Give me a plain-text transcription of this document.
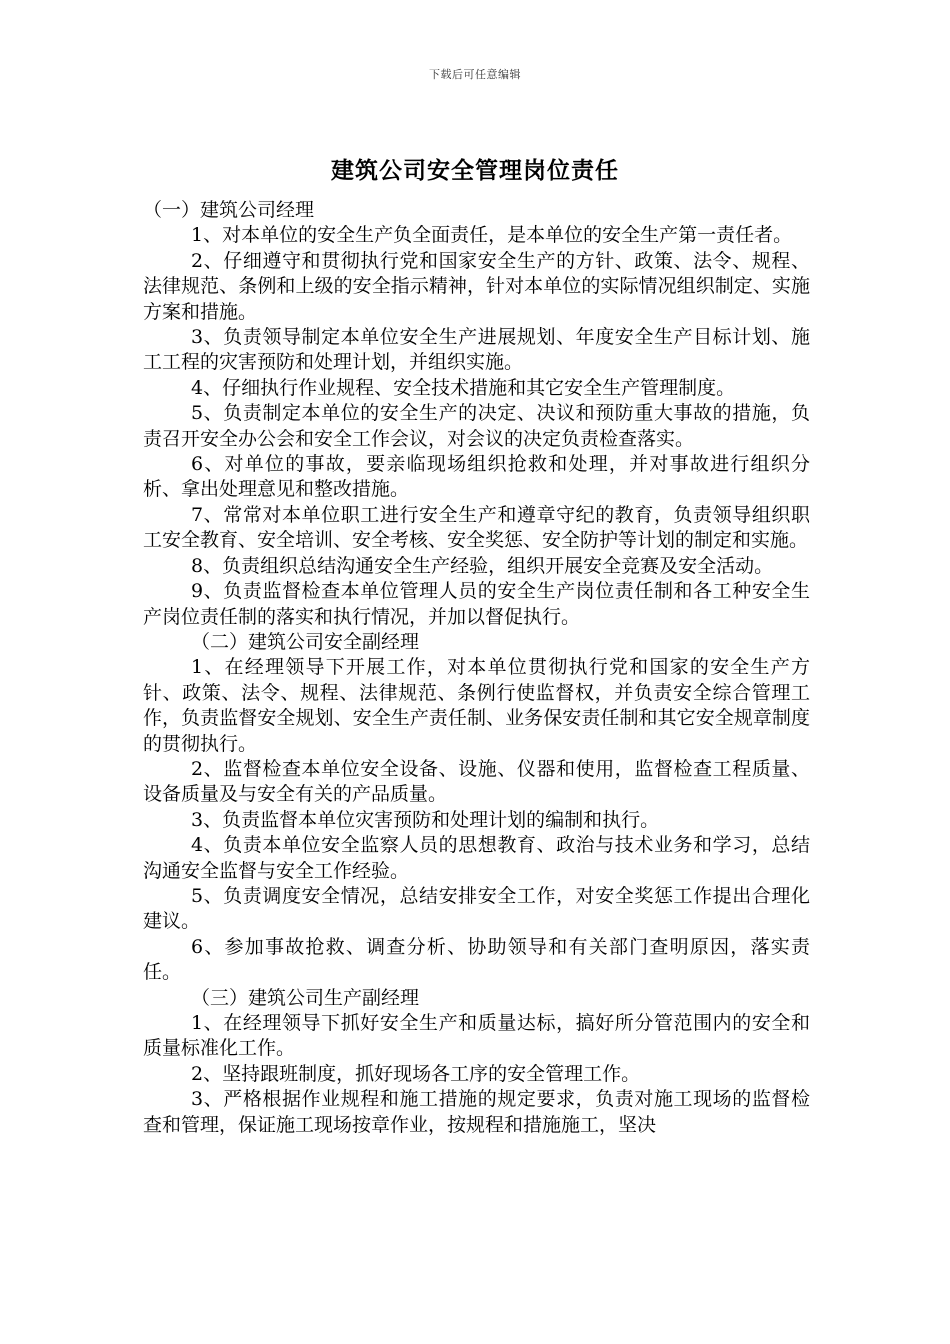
下载后可任意编辑
建筑公司安全管理岗位责任

（一）建筑公司经理

1、对本单位的安全生产负全面责任，是本单位的安全生产第一责任者。

2、仔细遵守和贯彻执行党和国家安全生产的方针、政策、法令、规程、法律规范、条例和上级的安全指示精神，针对本单位的实际情况组织制定、实施方案和措施。

3、负责领导制定本单位安全生产进展规划、年度安全生产目标计划、施工工程的灾害预防和处理计划，并组织实施。

4、仔细执行作业规程、安全技术措施和其它安全生产管理制度。

5、负责制定本单位的安全生产的决定、决议和预防重大事故的措施，负责召开安全办公会和安全工作会议，对会议的决定负责检查落实。

6、对单位的事故，要亲临现场组织抢救和处理，并对事故进行组织分析、拿出处理意见和整改措施。

7、常常对本单位职工进行安全生产和遵章守纪的教育，负责领导组织职工安全教育、安全培训、安全考核、安全奖惩、安全防护等计划的制定和实施。

8、负责组织总结沟通安全生产经验，组织开展安全竞赛及安全活动。

9、负责监督检查本单位管理人员的安全生产岗位责任制和各工种安全生产岗位责任制的落实和执行情况，并加以督促执行。

（二）建筑公司安全副经理

1、在经理领导下开展工作，对本单位贯彻执行党和国家的安全生产方针、政策、法令、规程、法律规范、条例行使监督权，并负责安全综合管理工作，负责监督安全规划、安全生产责任制、业务保安责任制和其它安全规章制度的贯彻执行。

2、监督检查本单位安全设备、设施、仪器和使用，监督检查工程质量、设备质量及与安全有关的产品质量。

3、负责监督本单位灾害预防和处理计划的编制和执行。

4、负责本单位安全监察人员的思想教育、政治与技术业务和学习，总结沟通安全监督与安全工作经验。

5、负责调度安全情况，总结安排安全工作，对安全奖惩工作提出合理化建议。

6、参加事故抢救、调查分析、协助领导和有关部门查明原因，落实责任。

（三）建筑公司生产副经理

1、在经理领导下抓好安全生产和质量达标，搞好所分管范围内的安全和质量标准化工作。

2、坚持跟班制度，抓好现场各工序的安全管理工作。

3、严格根据作业规程和施工措施的规定要求，负责对施工现场的监督检查和管理，保证施工现场按章作业，按规程和措施施工，坚决
